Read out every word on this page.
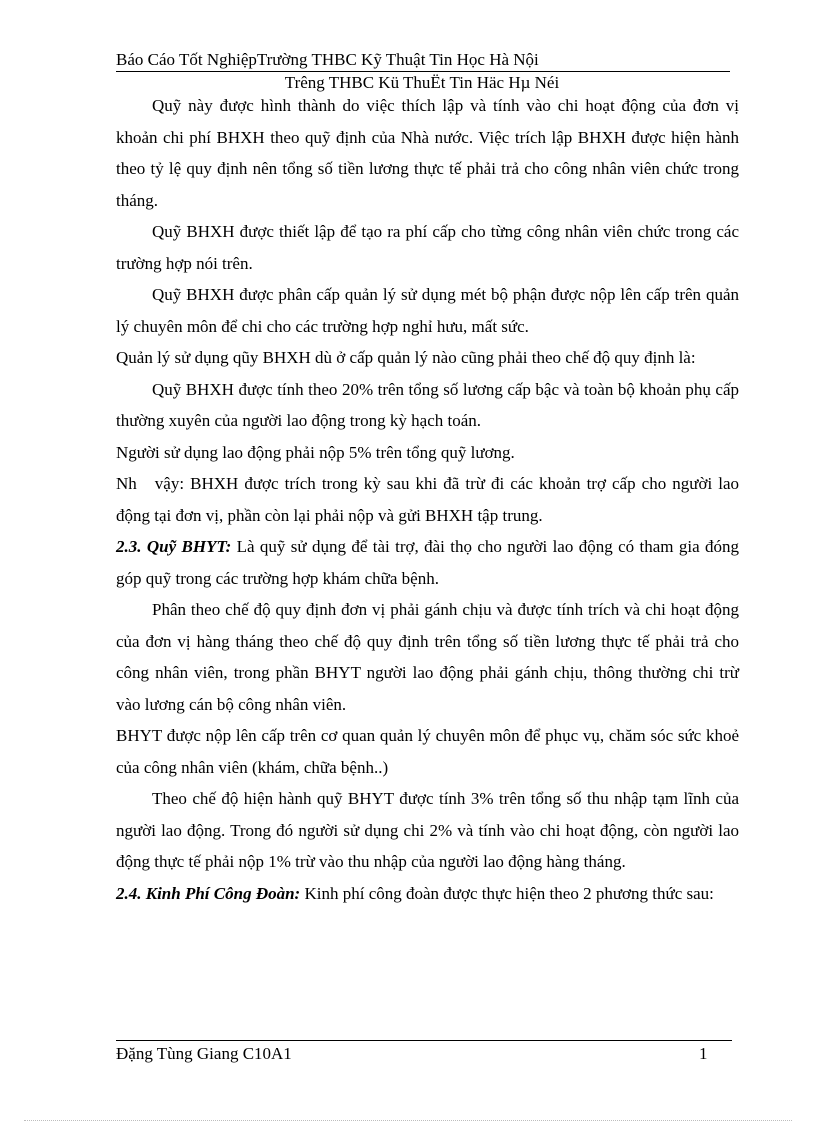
Báo Cáo Tốt NghiệpTrường THBC Kỹ Thuật Tin Học Hà Nội
Trêng THBC Kü ThuËt Tin Häc Hµ Néi

Quỹ này được hình thành do việc thích lập và tính vào chi hoạt động của đơn vị khoản chi phí BHXH theo quỹ định của Nhà nước. Việc trích lập BHXH được hiện hành theo tỷ lệ quy định nên tổng số tiền lương thực tế phải trả cho công nhân viên chức trong tháng.

Quỹ BHXH được thiết lập để tạo ra phí cấp cho từng công nhân viên chức trong các trường hợp nói trên.

Quỹ BHXH được phân cấp quản lý sử dụng mét bộ phận được nộp lên cấp trên quản lý chuyên môn để chi cho các trường hợp nghỉ hưu, mất sức.

Quản lý sử dụng qũy BHXH dù ở cấp quản lý nào cũng phải theo chế độ quy định là:

Quỹ BHXH được tính theo 20% trên tổng số lương cấp bậc và toàn bộ khoản phụ cấp thường xuyên của người lao động trong kỳ hạch toán.

Người sử dụng lao động phải nộp 5% trên tổng quỹ lương.

Nh vậy: BHXH được trích trong kỳ sau khi đã trừ đi các khoản trợ cấp cho người lao động tại đơn vị, phần còn lại phải nộp và gửi BHXH tập trung.

2.3. Quỹ BHYT: Là quỹ sử dụng để tài trợ, đài thọ cho người lao động có tham gia đóng góp quỹ trong các trường hợp khám chữa bệnh.

Phân theo chế độ quy định đơn vị phải gánh chịu và được tính trích và chi hoạt động của đơn vị hàng tháng theo chế độ quy định trên tổng số tiền lương thực tế phải trả cho công nhân viên, trong phần BHYT người lao động phải gánh chịu, thông thường chi trừ vào lương cán bộ công nhân viên.

BHYT được nộp lên cấp trên cơ quan quản lý chuyên môn để phục vụ, chăm sóc sức khoẻ của công nhân viên (khám, chữa bệnh..)

Theo chế độ hiện hành quỹ BHYT được tính 3% trên tổng số thu nhập tạm lĩnh của người lao động. Trong đó người sử dụng chi 2% và tính vào chi hoạt động, còn người lao động thực tế phải nộp 1% trừ vào thu nhập của người lao động hàng tháng.

2.4. Kinh Phí Công Đoàn: Kinh phí công đoàn được thực hiện theo 2 phương thức sau:

Đặng Tùng Giang C10A1	1
